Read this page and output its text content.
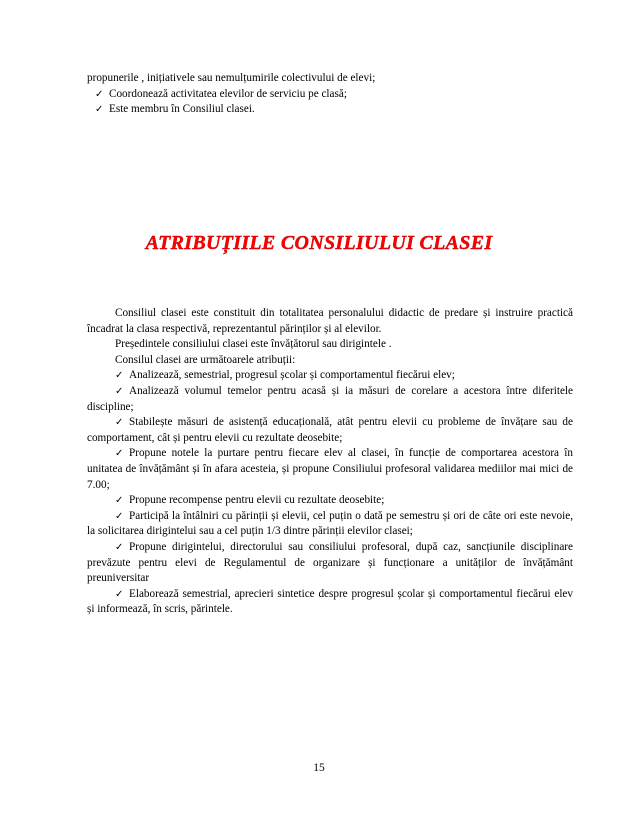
propunerile , inițiativele sau nemulțumirile colectivului de elevi;

✓ Coordonează activitatea elevilor de serviciu pe clasă;

✓ Este membru în Consiliul clasei.

ATRIBUȚIILE CONSILIULUI CLASEI

Consiliul clasei este constituit din totalitatea personalului didactic de predare și instruire practică încadrat la clasa respectivă, reprezentantul părinților și al elevilor.

Președintele consiliului clasei este învățătorul sau dirigintele .

Consilul clasei are următoarele atribuții:

✓ Analizează, semestrial, progresul școlar și comportamentul fiecărui elev;

✓ Analizează volumul temelor pentru acasă și ia măsuri de corelare a acestora între diferitele discipline;

✓ Stabilește măsuri de asistență educațională, atât pentru elevii cu probleme de învățare sau de comportament, cât și pentru elevii cu rezultate deosebite;

✓ Propune notele la purtare pentru fiecare elev al clasei, în funcție de comportarea acestora în unitatea de învățământ și în afara acesteia, și propune Consiliului profesoral validarea mediilor mai mici de 7.00;

✓ Propune recompense pentru elevii cu rezultate deosebite;

✓ Participă la întâlniri cu părinții și elevii, cel puțin o dată pe semestru și ori de câte ori este nevoie, la solicitarea dirigintelui sau a cel puțin 1/3 dintre părinții elevilor clasei;

✓ Propune dirigintelui, directorului sau consiliului profesoral, după caz, sancțiunile disciplinare prevăzute pentru elevi de Regulamentul de organizare și funcționare a unităților de învățământ preuniversitar

✓ Elaborează semestrial, aprecieri sintetice despre progresul școlar și comportamentul fiecărui elev și informează, în scris, părintele.

15
